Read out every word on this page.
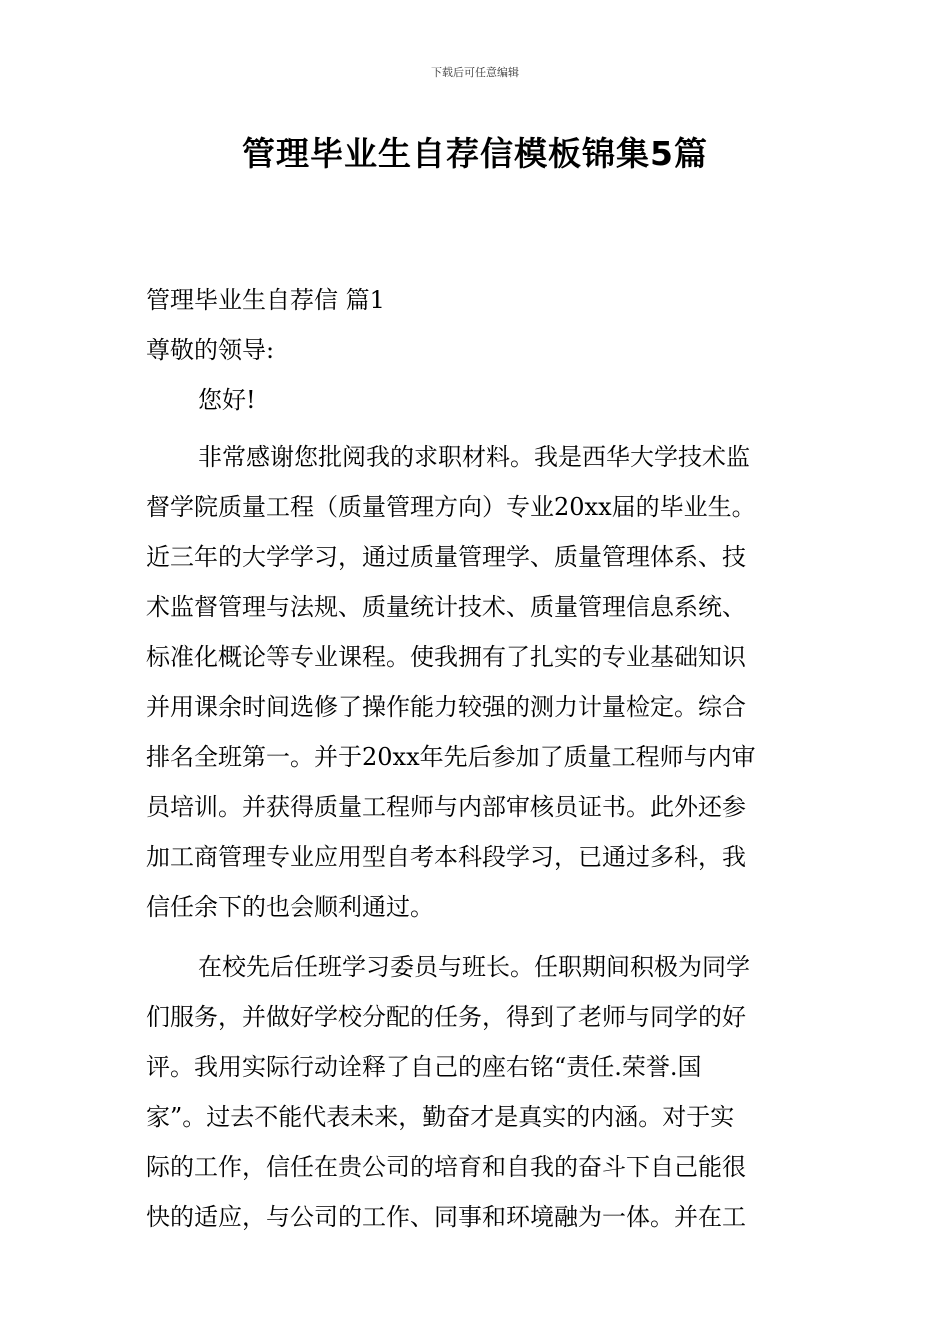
下载后可任意编辑
管理毕业生自荐信模板锦集5篇
管理毕业生自荐信 篇1
尊敬的领导:
您好!
非常感谢您批阅我的求职材料。我是西华大学技术监
督学院质量工程（质量管理方向）专业20xx届的毕业生。
近三年的大学学习，通过质量管理学、质量管理体系、技
术监督管理与法规、质量统计技术、质量管理信息系统、
标准化概论等专业课程。使我拥有了扎实的专业基础知识
并用课余时间选修了操作能力较强的测力计量检定。综合
排名全班第一。并于20xx年先后参加了质量工程师与内审
员培训。并获得质量工程师与内部审核员证书。此外还参
加工商管理专业应用型自考本科段学习，已通过多科，我
信任余下的也会顺利通过。
在校先后任班学习委员与班长。任职期间积极为同学
们服务，并做好学校分配的任务，得到了老师与同学的好
评。我用实际行动诠释了自己的座右铭“责任.荣誉.国
家”。过去不能代表未来，勤奋才是真实的内涵。对于实
际的工作，信任在贵公司的培育和自我的奋斗下自己能很
快的适应，与公司的工作、同事和环境融为一体。并在工
